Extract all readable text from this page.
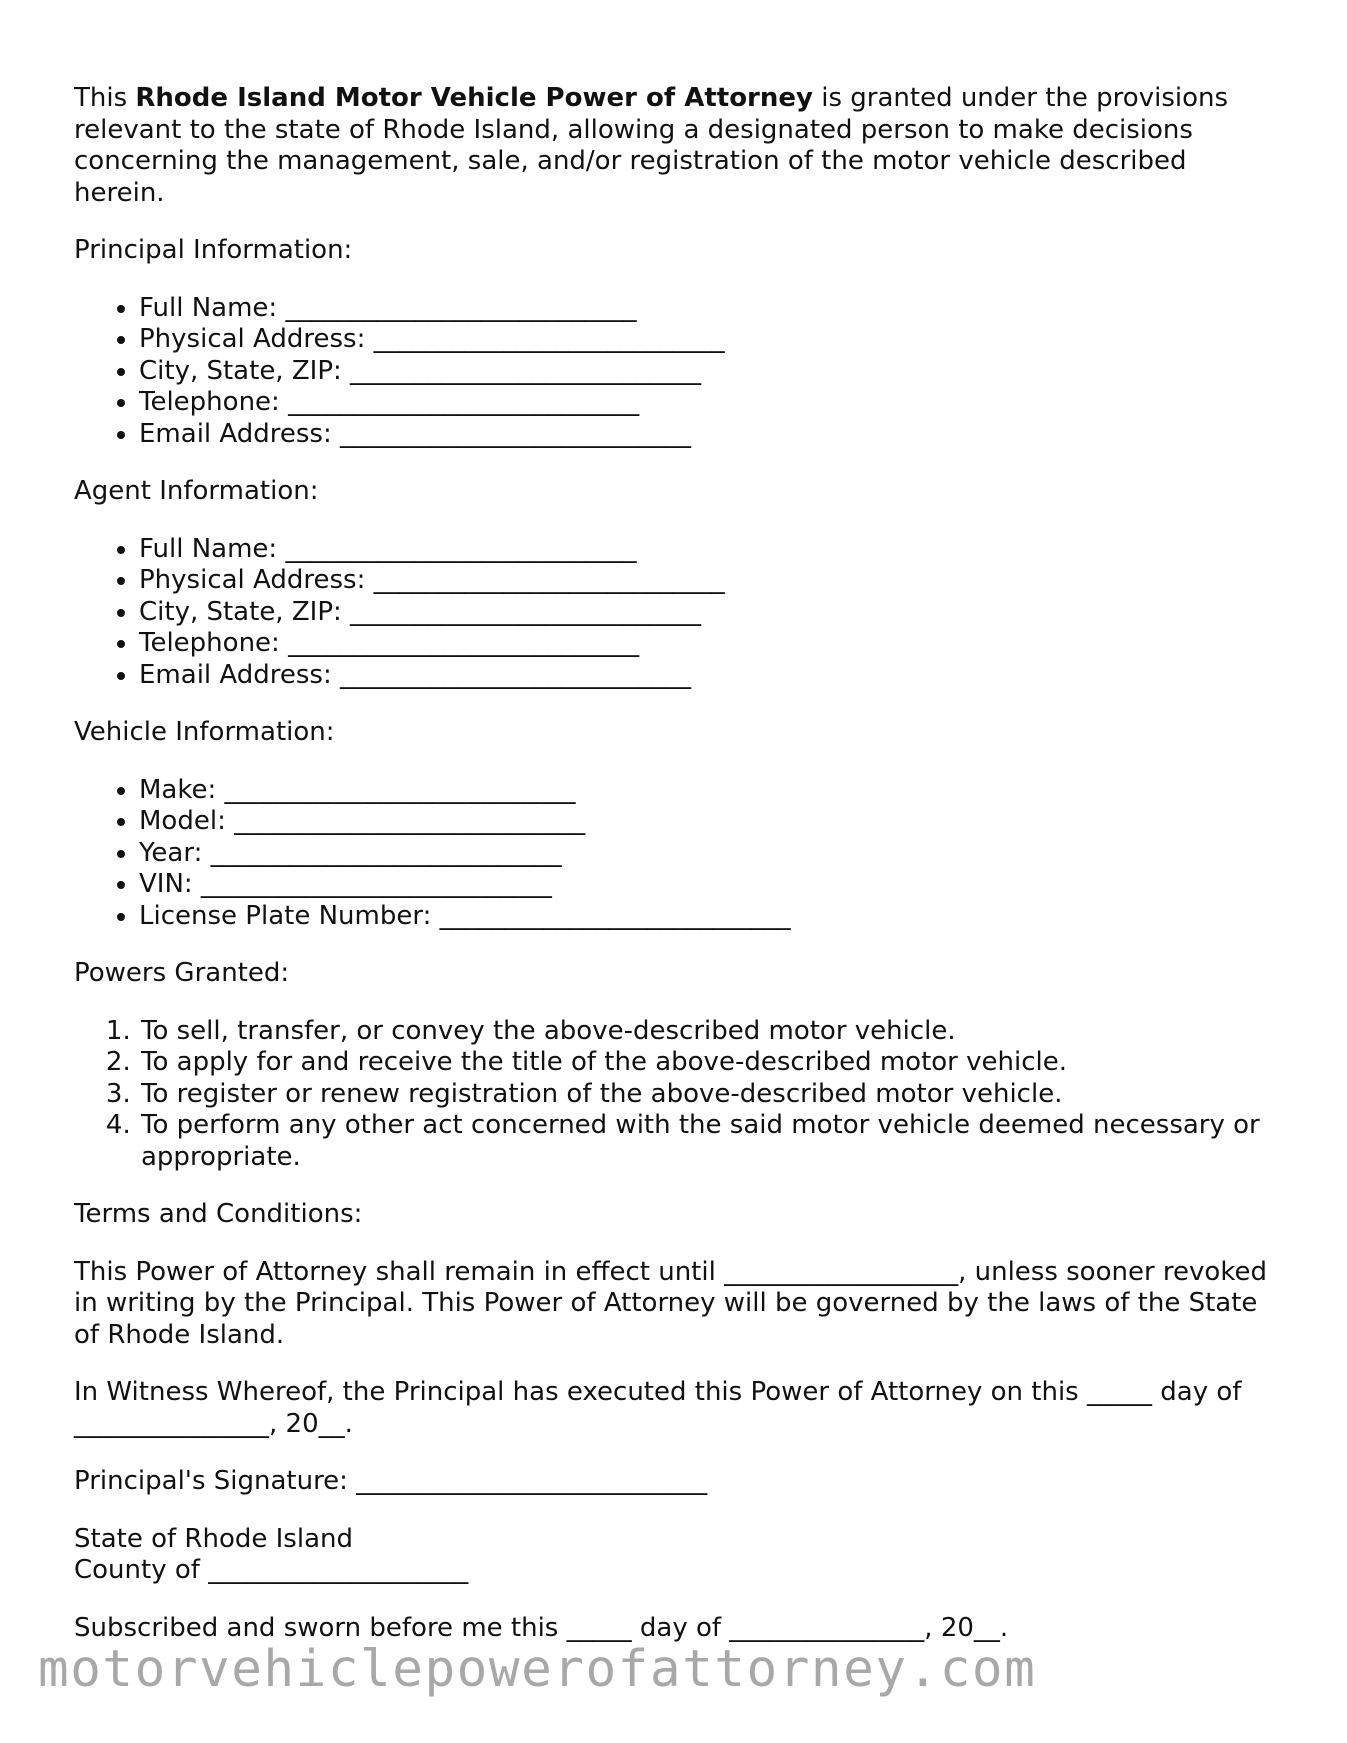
This Rhode Island Motor Vehicle Power of Attorney is granted under the provisions relevant to the state of Rhode Island, allowing a designated person to make decisions concerning the management, sale, and/or registration of the motor vehicle described herein.

Principal Information:

• Full Name: ___________________________
• Physical Address: ___________________________
• City, State, ZIP: ___________________________
• Telephone: ___________________________
• Email Address: ___________________________

Agent Information:

• Full Name: ___________________________
• Physical Address: ___________________________
• City, State, ZIP: ___________________________
• Telephone: ___________________________
• Email Address: ___________________________

Vehicle Information:

• Make: ___________________________
• Model: ___________________________
• Year: ___________________________
• VIN: ___________________________
• License Plate Number: ___________________________

Powers Granted:

1. To sell, transfer, or convey the above-described motor vehicle.
2. To apply for and receive the title of the above-described motor vehicle.
3. To register or renew registration of the above-described motor vehicle.
4. To perform any other act concerned with the said motor vehicle deemed necessary or appropriate.

Terms and Conditions:

This Power of Attorney shall remain in effect until __________________, unless sooner revoked in writing by the Principal. This Power of Attorney will be governed by the laws of the State of Rhode Island.

In Witness Whereof, the Principal has executed this Power of Attorney on this _____ day of _______________, 20__.

Principal's Signature: ___________________________

State of Rhode Island
County of ____________________

Subscribed and sworn before me this _____ day of _______________, 20__.

motorvehiclepowerofattorney.com
